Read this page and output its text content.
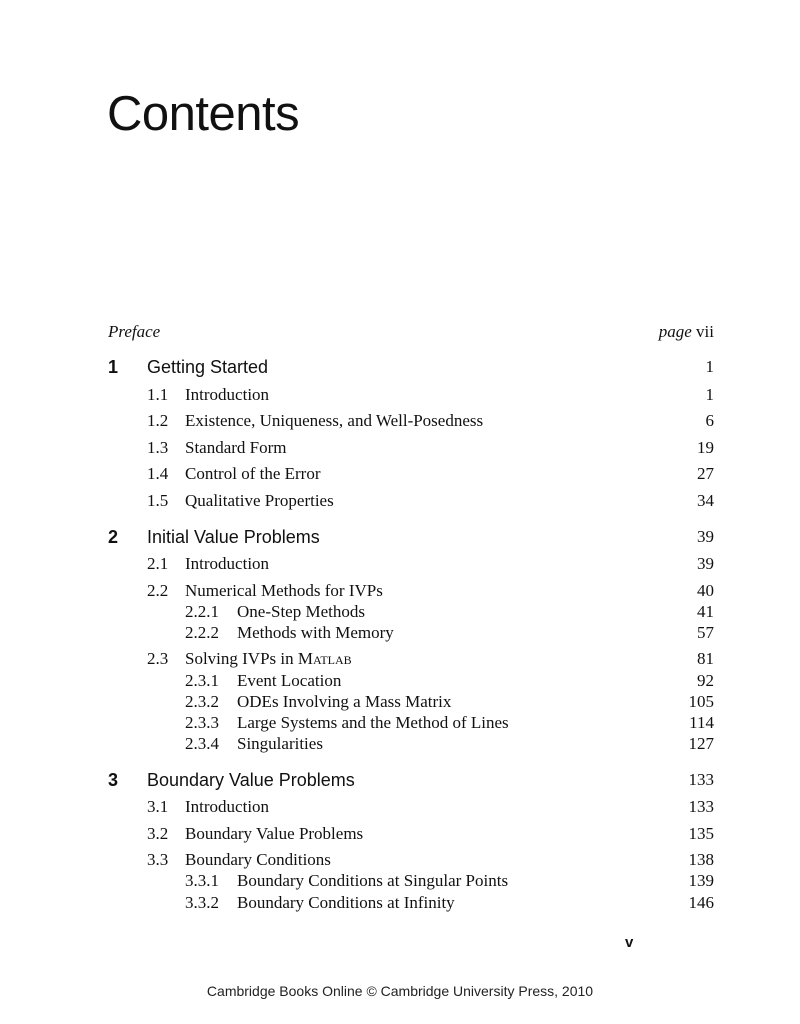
Contents
Preface	page vii
1 Getting Started	1
1.1 Introduction	1
1.2 Existence, Uniqueness, and Well-Posedness	6
1.3 Standard Form	19
1.4 Control of the Error	27
1.5 Qualitative Properties	34
2 Initial Value Problems	39
2.1 Introduction	39
2.2 Numerical Methods for IVPs	40
2.2.1 One-Step Methods	41
2.2.2 Methods with Memory	57
2.3 Solving IVPs in Matlab	81
2.3.1 Event Location	92
2.3.2 ODEs Involving a Mass Matrix	105
2.3.3 Large Systems and the Method of Lines	114
2.3.4 Singularities	127
3 Boundary Value Problems	133
3.1 Introduction	133
3.2 Boundary Value Problems	135
3.3 Boundary Conditions	138
3.3.1 Boundary Conditions at Singular Points	139
3.3.2 Boundary Conditions at Infinity	146
v
Cambridge Books Online © Cambridge University Press, 2010
